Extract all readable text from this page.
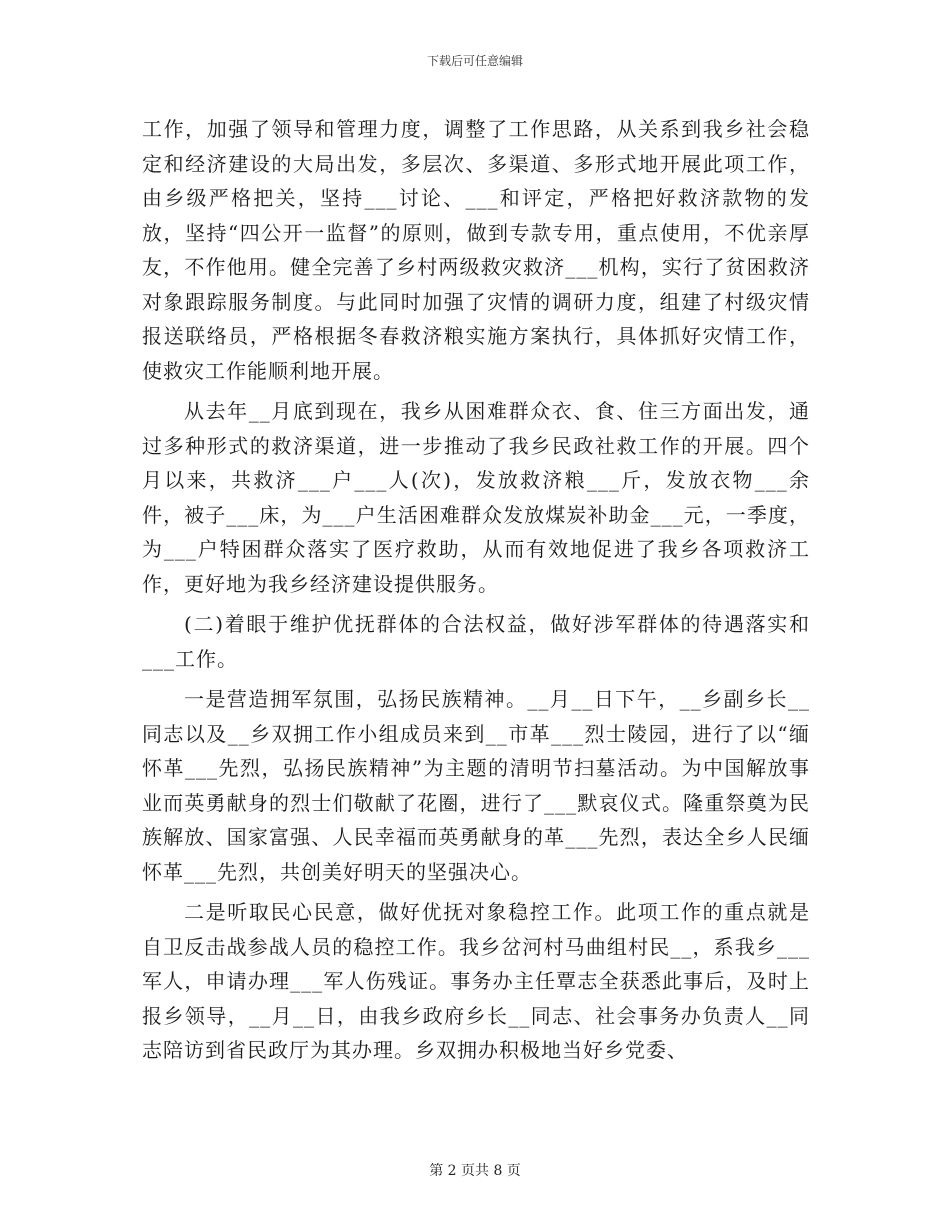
下载后可任意编辑

工作，加强了领导和管理力度，调整了工作思路，从关系到我乡社会稳定和经济建设的大局出发，多层次、多渠道、多形式地开展此项工作，由乡级严格把关，坚持___讨论、___和评定，严格把好救济款物的发放，坚持“四公开一监督”的原则，做到专款专用，重点使用，不优亲厚友，不作他用。健全完善了乡村两级救灾救济___机构，实行了贫困救济对象跟踪服务制度。与此同时加强了灾情的调研力度，组建了村级灾情报送联络员，严格根据冬春救济粮实施方案执行，具体抓好灾情工作，使救灾工作能顺利地开展。

从去年__月底到现在，我乡从困难群众衣、食、住三方面出发，通过多种形式的救济渠道，进一步推动了我乡民政社救工作的开展。四个月以来，共救济___户___人(次)，发放救济粮___斤，发放衣物___余件，被子___床，为___户生活困难群众发放煤炭补助金___元，一季度，为___户特困群众落实了医疗救助，从而有效地促进了我乡各项救济工作，更好地为我乡经济建设提供服务。

(二)着眼于维护优抚群体的合法权益，做好涉军群体的待遇落实和___工作。

一是营造拥军氛围，弘扬民族精神。__月__日下午，__乡副乡长__同志以及__乡双拥工作小组成员来到__市革___烈士陵园，进行了以“缅怀革___先烈，弘扬民族精神”为主题的清明节扫墓活动。为中国解放事业而英勇献身的烈士们敬献了花圈，进行了___默哀仪式。隆重祭奠为民族解放、国家富强、人民幸福而英勇献身的革___先烈，表达全乡人民缅怀革___先烈，共创美好明天的坚强决心。

二是听取民心民意，做好优抚对象稳控工作。此项工作的重点就是自卫反击战参战人员的稳控工作。我乡岔河村马曲组村民__，系我乡___军人，申请办理___军人伤残证。事务办主任覃志全获悉此事后，及时上报乡领导，__月__日，由我乡政府乡长__同志、社会事务办负责人__同志陪访到省民政厅为其办理。乡双拥办积极地当好乡党委、

第 2 页共 8 页
